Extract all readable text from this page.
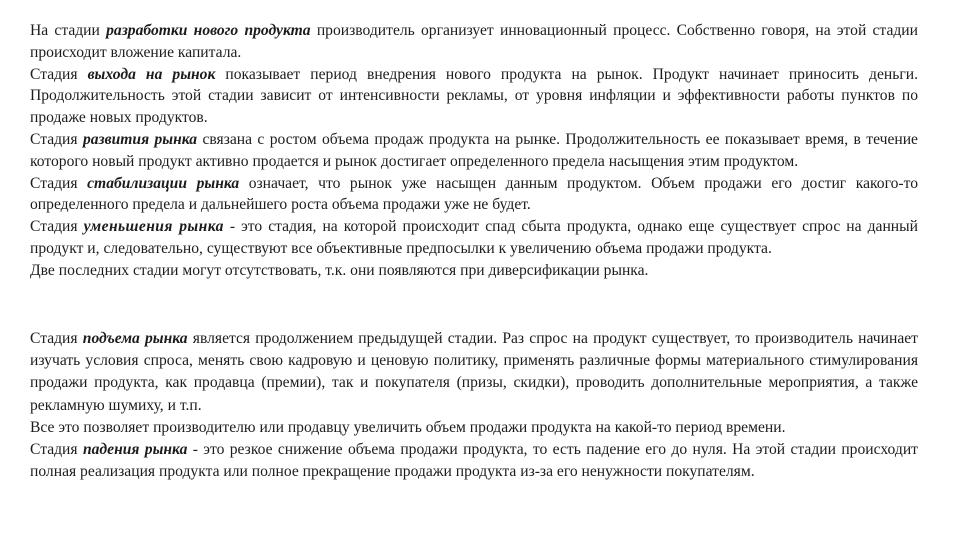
На стадии разработки нового продукта производитель организует инновационный процесс. Собственно говоря, на этой стадии происходит вложение капитала.

Стадия выхода на рынок показывает период внедрения нового продукта на рынок. Продукт начинает приносить деньги. Продолжительность этой стадии зависит от интенсивности рекламы, от уровня инфляции и эффективности работы пунктов по продаже новых продуктов.

Стадия развития рынка связана с ростом объема продаж продукта на рынке. Продолжительность ее показывает время, в течение которого новый продукт активно продается и рынок достигает определенного предела насыщения этим продуктом.

Стадия стабилизации рынка означает, что рынок уже насыщен данным продуктом. Объем продажи его достиг какого-то определенного предела и дальнейшего роста объема продажи уже не будет.

Стадия уменьшения рынка - это стадия, на которой происходит спад сбыта продукта, однако еще существует спрос на данный продукт и, следовательно, существуют все объективные предпосылки к увеличению объема продажи продукта.

Две последних стадии могут отсутствовать, т.к. они появляются при диверсификации рынка.

Стадия подъема рынка является продолжением предыдущей стадии. Раз спрос на продукт существует, то производитель начинает изучать условия спроса, менять свою кадровую и ценовую политику, применять различные формы материального стимулирования продажи продукта, как продавца (премии), так и покупателя (призы, скидки), проводить дополнительные мероприятия, а также рекламную шумиху, и т.п.

Все это позволяет производителю или продавцу увеличить объем продажи продукта на какой-то период времени.

Стадия падения рынка - это резкое снижение объема продажи продукта, то есть падение его до нуля. На этой стадии происходит полная реализация продукта или полное прекращение продажи продукта из-за его ненужности покупателям.
